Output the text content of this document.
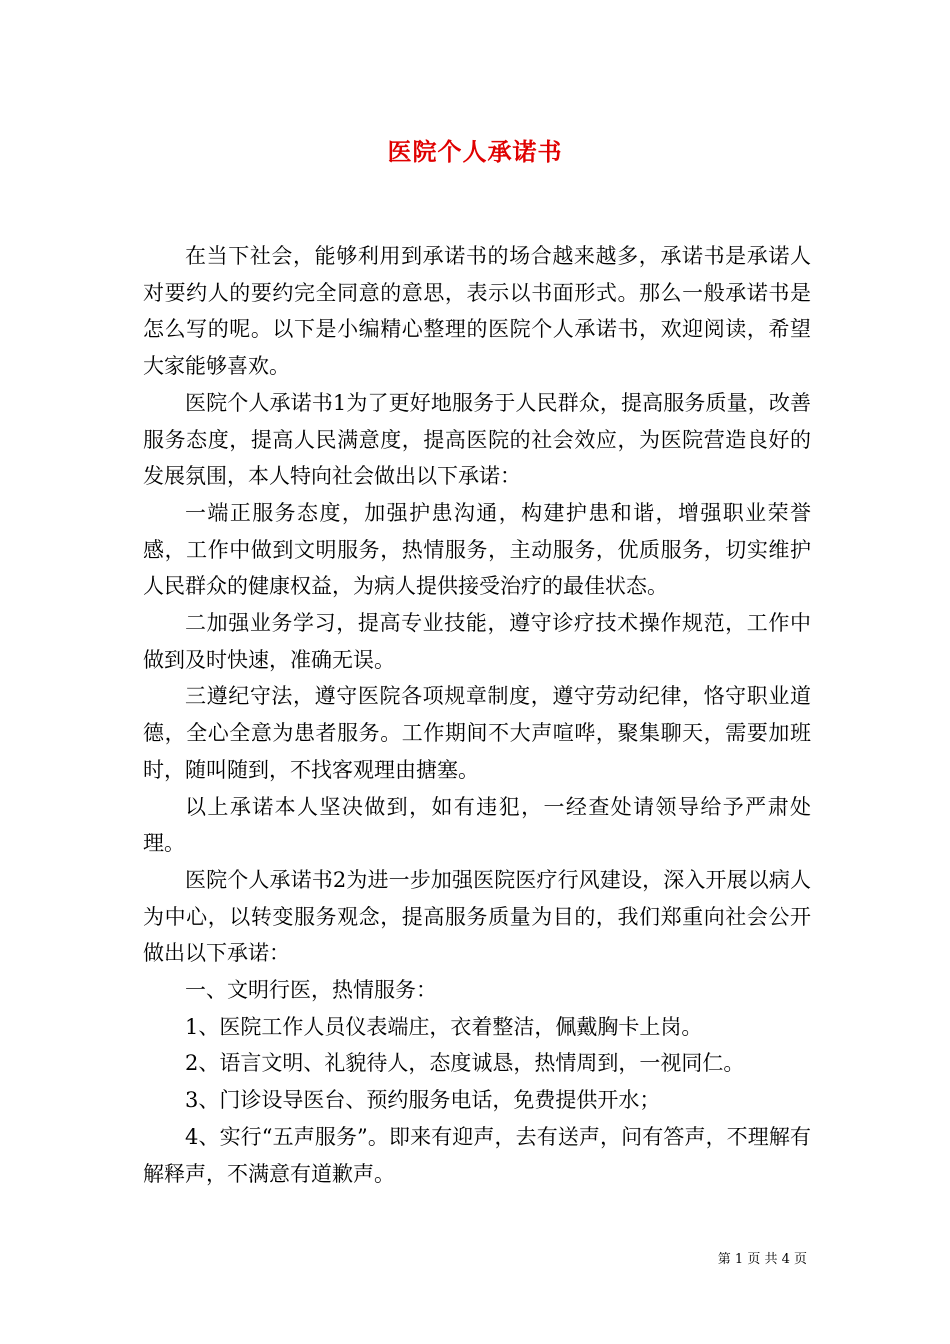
医院个人承诺书

在当下社会，能够利用到承诺书的场合越来越多，承诺书是承诺人对要约人的要约完全同意的意思，表示以书面形式。那么一般承诺书是怎么写的呢。以下是小编精心整理的医院个人承诺书，欢迎阅读，希望大家能够喜欢。

医院个人承诺书1为了更好地服务于人民群众，提高服务质量，改善服务态度，提高人民满意度，提高医院的社会效应，为医院营造良好的发展氛围，本人特向社会做出以下承诺：

一端正服务态度，加强护患沟通，构建护患和谐，增强职业荣誉感，工作中做到文明服务，热情服务，主动服务，优质服务，切实维护人民群众的健康权益，为病人提供接受治疗的最佳状态。

二加强业务学习，提高专业技能，遵守诊疗技术操作规范，工作中做到及时快速，准确无误。

三遵纪守法，遵守医院各项规章制度，遵守劳动纪律，恪守职业道德，全心全意为患者服务。工作期间不大声喧哗，聚集聊天，需要加班时，随叫随到，不找客观理由搪塞。

以上承诺本人坚决做到，如有违犯，一经查处请领导给予严肃处理。

医院个人承诺书2为进一步加强医院医疗行风建设，深入开展以病人为中心，以转变服务观念，提高服务质量为目的，我们郑重向社会公开做出以下承诺：

一、文明行医，热情服务：

1、医院工作人员仪表端庄，衣着整洁，佩戴胸卡上岗。

2、语言文明、礼貌待人，态度诚恳，热情周到，一视同仁。

3、门诊设导医台、预约服务电话，免费提供开水；

4、实行“五声服务”。即来有迎声，去有送声，问有答声，不理解有解释声，不满意有道歉声。

第 1 页 共 4 页
